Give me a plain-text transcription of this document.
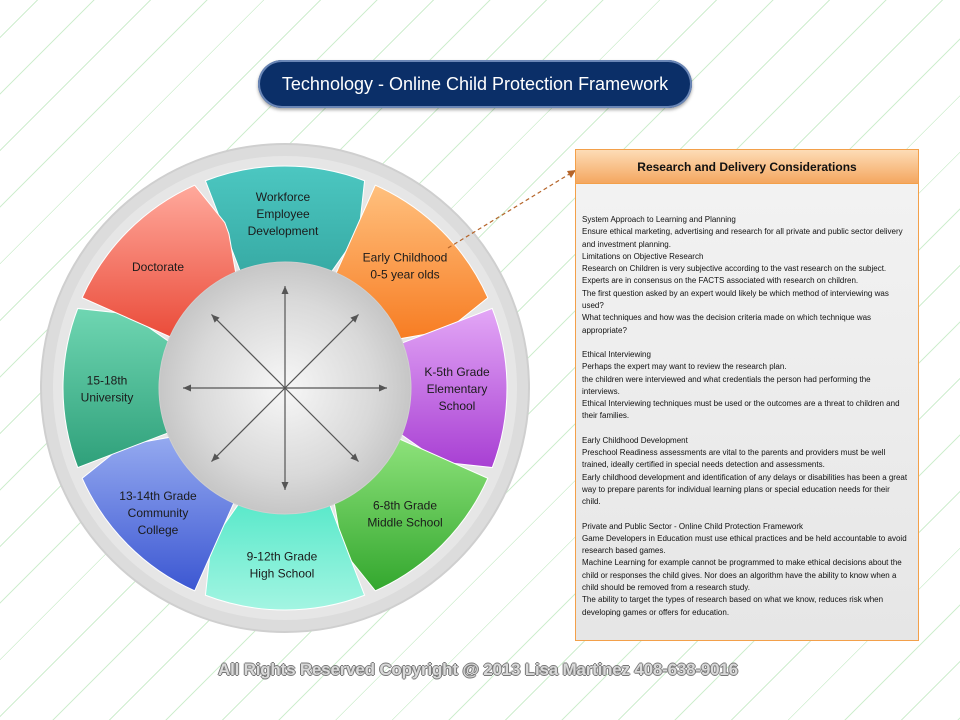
Technology - Online Child Protection Framework
Workforce Employee Development
Early Childhood 0-5 year olds
K-5th Grade Elementary School
6-8th Grade Middle School
9-12th Grade High School
13-14th Grade Community College
15-18th University
Doctorate
Research and Delivery Considerations
System Approach to Learning and Planning
Ensure ethical marketing, advertising and research for all private and public sector delivery and investment planning.
Limitations on Objective Research
Research on Children is very subjective according to the vast research on the subject.
Experts are in consensus on the FACTS associated with research on children.
The first question asked by an expert would likely be which method of interviewing was used?
What techniques and how was the decision criteria made on which technique was appropriate?
Ethical Interviewing
Perhaps the expert may want to review the research plan.
the children were interviewed and what credentials the person had performing the interviews.
Ethical Interviewing techniques must be used or the outcomes are a threat to children and their families.
Early Childhood Development
Preschool Readiness assessments are vital to the parents and providers must be well trained, ideally certified in special needs detection and assessments.
Early childhood development and identification of any delays or disabilities has been a great way to prepare parents for individual learning plans or special education needs for their child.
Private and Public Sector - Online Child Protection Framework
Game Developers in Education must use ethical practices and be held accountable to avoid research based games.
Machine Learning for example cannot be programmed to make ethical decisions about the child or responses the child gives. Nor does an algorithm have the ability to know when a child should be removed from a research study.
The ability to target the types of research based on what we know, reduces risk when developing games or offers for education.
All Rights Reserved Copyright @ 2013 Lisa Martinez 408-638-9016
